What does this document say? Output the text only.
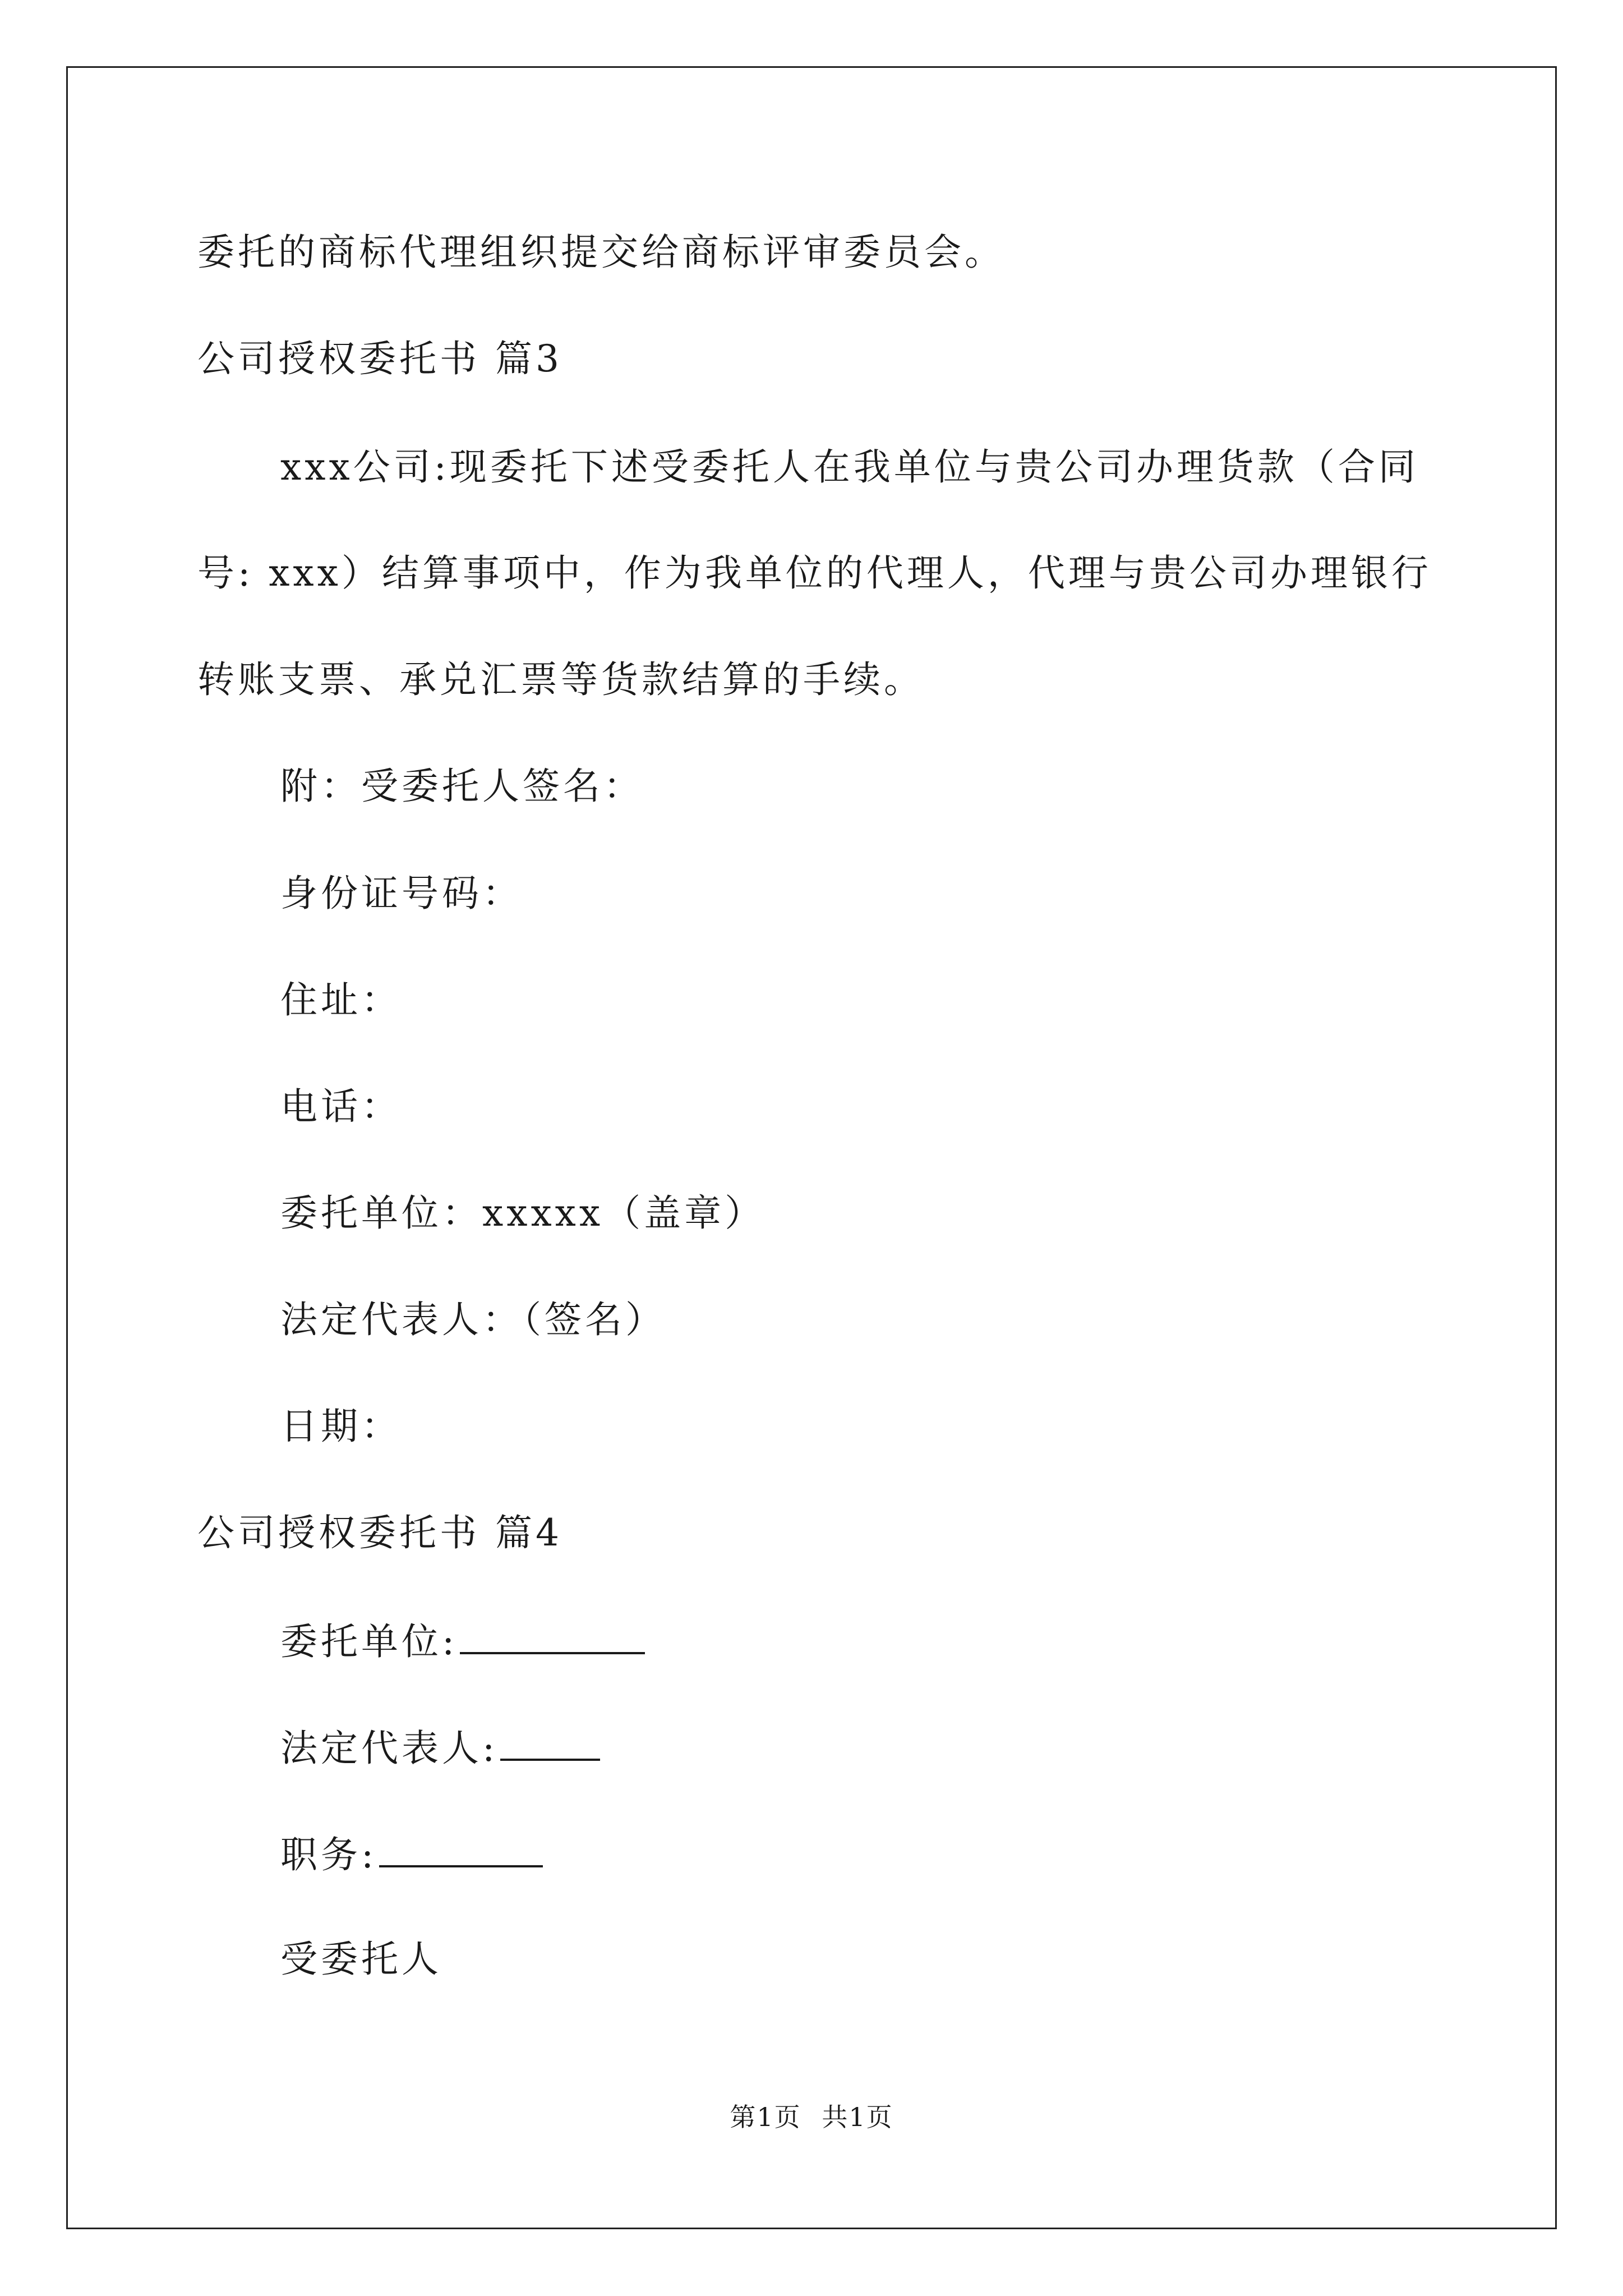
委托的商标代理组织提交给商标评审委员会。
公司授权委托书 篇3
xxx公司:现委托下述受委托人在我单位与贵公司办理货款（合同
号: xxx）结算事项中，作为我单位的代理人，代理与贵公司办理银行
转账支票、承兑汇票等货款结算的手续。
附：受委托人签名：
身份证号码：
住址：
电话：
委托单位：xxxxx（盖章）
法定代表人：（签名）
日期：
公司授权委托书 篇4
委托单位:
法定代表人:
职务:
受委托人
第1页 共1页
